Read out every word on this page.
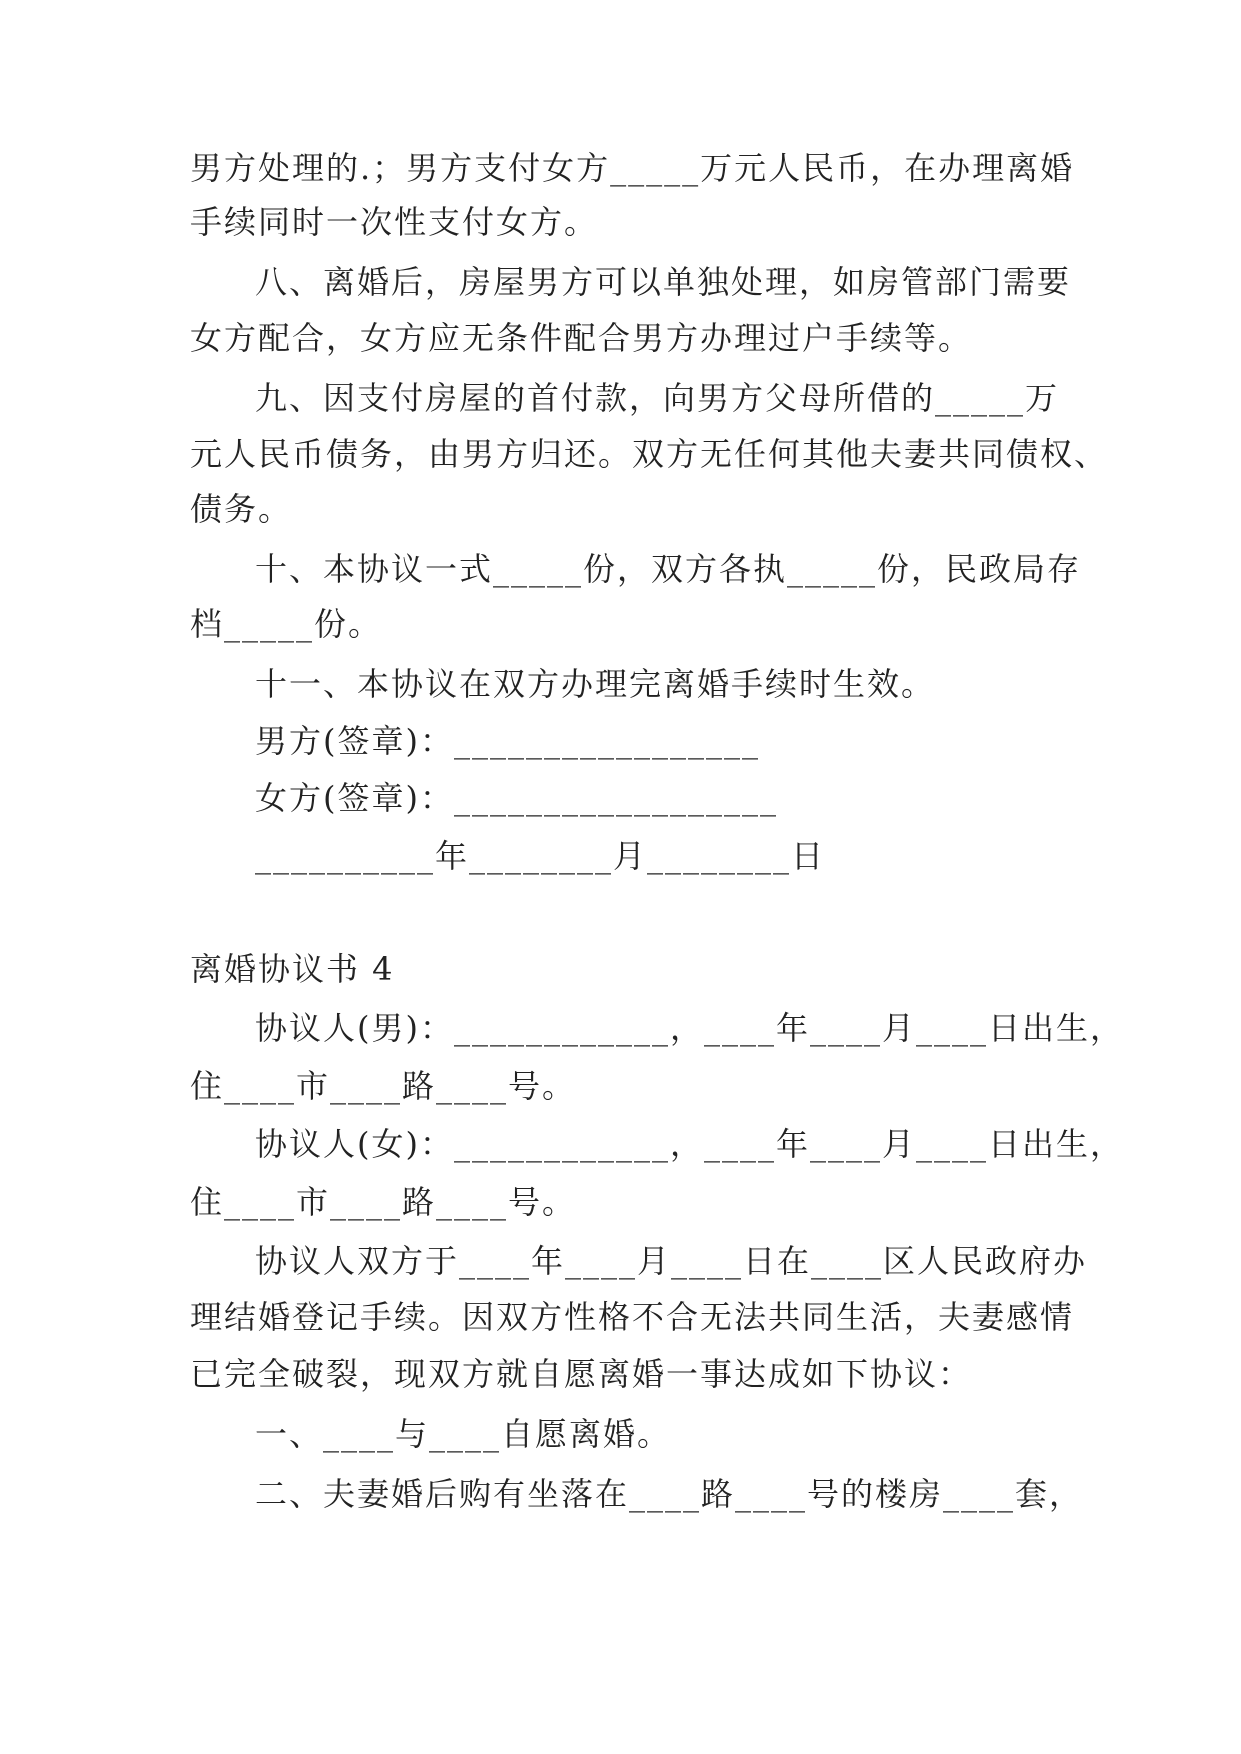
男方处理的.；男方支付女方_____万元人民币，在办理离婚
手续同时一次性支付女方。
八、离婚后，房屋男方可以单独处理，如房管部门需要
女方配合，女方应无条件配合男方办理过户手续等。
九、因支付房屋的首付款，向男方父母所借的_____万
元人民币债务，由男方归还。双方无任何其他夫妻共同债权、
债务。
十、本协议一式_____份，双方各执_____份，民政局存
档_____份。
十一、本协议在双方办理完离婚手续时生效。
男方(签章)：_________________
女方(签章)：__________________
__________年________月________日
离婚协议书 4
协议人(男)：____________，____年____月____日出生，
住____市____路____号。
协议人(女)：____________，____年____月____日出生，
住____市____路____号。
协议人双方于____年____月____日在____区人民政府办
理结婚登记手续。因双方性格不合无法共同生活，夫妻感情
已完全破裂，现双方就自愿离婚一事达成如下协议：
一、____与____自愿离婚。
二、夫妻婚后购有坐落在____路____号的楼房____套，
